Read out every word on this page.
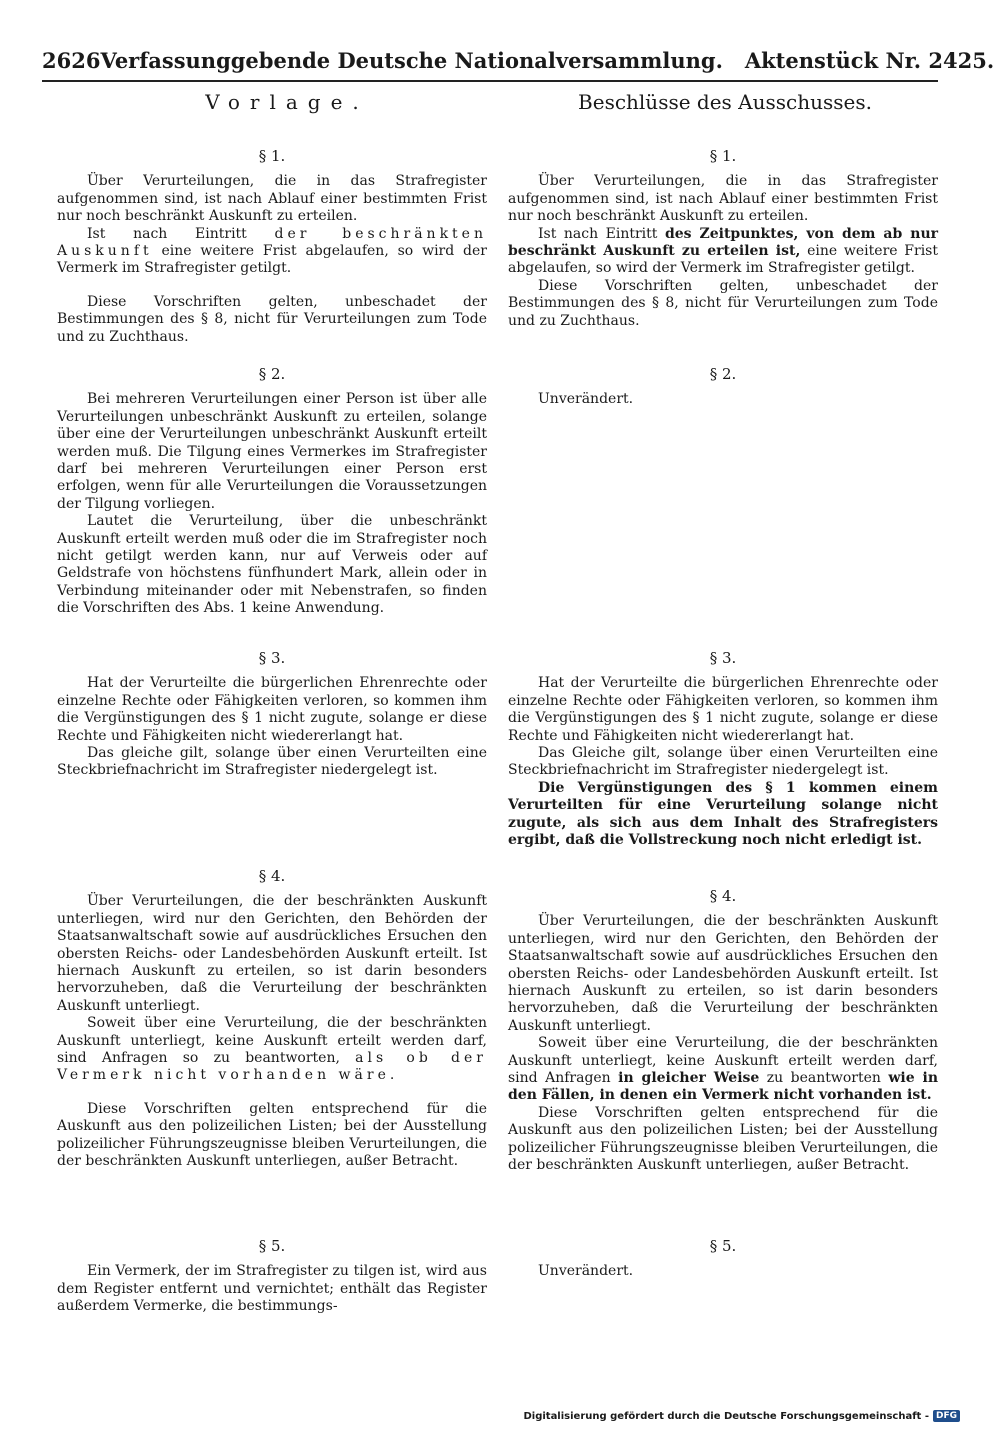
2626 Verfassunggebende Deutsche Nationalversammlung.   Aktenstück Nr. 2425.
Vorlage.	Beschlüsse des Ausschusses.
§ 1.

Über Verurteilungen, die in das Strafregister aufgenommen sind, ist nach Ablauf einer bestimmten Frist nur noch beschränkt Auskunft zu erteilen.

Ist nach Eintritt der beschränkten Auskunft eine weitere Frist abgelaufen, so wird der Vermerk im Strafregister getilgt.

Diese Vorschriften gelten, unbeschadet der Bestimmungen des § 8, nicht für Verurteilungen zum Tode und zu Zuchthaus.

§ 2.

Bei mehreren Verurteilungen einer Person ist über alle Verurteilungen unbeschränkt Auskunft zu erteilen, solange über eine der Verurteilungen unbeschränkt Auskunft erteilt werden muß. Die Tilgung eines Vermerkes im Strafregister darf bei mehreren Verurteilungen einer Person erst erfolgen, wenn für alle Verurteilungen die Voraussetzungen der Tilgung vorliegen.

Lautet die Verurteilung, über die unbeschränkt Auskunft erteilt werden muß oder die im Strafregister noch nicht getilgt werden kann, nur auf Verweis oder auf Geldstrafe von höchstens fünfhundert Mark, allein oder in Verbindung miteinander oder mit Nebenstrafen, so finden die Vorschriften des Abs. 1 keine Anwendung.

§ 3.

Hat der Verurteilte die bürgerlichen Ehrenrechte oder einzelne Rechte oder Fähigkeiten verloren, so kommen ihm die Vergünstigungen des § 1 nicht zugute, solange er diese Rechte und Fähigkeiten nicht wiedererlangt hat.

Das gleiche gilt, solange über einen Verurteilten eine Steckbriefnachricht im Strafregister niedergelegt ist.

§ 4.

Über Verurteilungen, die der beschränkten Auskunft unterliegen, wird nur den Gerichten, den Behörden der Staatsanwaltschaft sowie auf ausdrückliches Ersuchen den obersten Reichs- oder Landesbehörden Auskunft erteilt. Ist hiernach Auskunft zu erteilen, so ist darin besonders hervorzuheben, daß die Verurteilung der beschränkten Auskunft unterliegt.

Soweit über eine Verurteilung, die der beschränkten Auskunft unterliegt, keine Auskunft erteilt werden darf, sind Anfragen so zu beantworten, als ob der Vermerk nicht vorhanden wäre.

Diese Vorschriften gelten entsprechend für die Auskunft aus den polizeilichen Listen; bei der Ausstellung polizeilicher Führungszeugnisse bleiben Verurteilungen, die der beschränkten Auskunft unterliegen, außer Betracht.

§ 5.

Ein Vermerk, der im Strafregister zu tilgen ist, wird aus dem Register entfernt und vernichtet; enthält das Register außerdem Vermerke, die bestimmungs-

§ 1.

Über Verurteilungen, die in das Strafregister aufgenommen sind, ist nach Ablauf einer bestimmten Frist nur noch beschränkt Auskunft zu erteilen.

Ist nach Eintritt des Zeitpunktes, von dem ab nur beschränkt Auskunft zu erteilen ist, eine weitere Frist abgelaufen, so wird der Vermerk im Strafregister getilgt.

Diese Vorschriften gelten, unbeschadet der Bestimmungen des § 8, nicht für Verurteilungen zum Tode und zu Zuchthaus.

§ 2.

Unverändert.

§ 3.

Hat der Verurteilte die bürgerlichen Ehrenrechte oder einzelne Rechte oder Fähigkeiten verloren, so kommen ihm die Vergünstigungen des § 1 nicht zugute, solange er diese Rechte und Fähigkeiten nicht wiedererlangt hat.

Das Gleiche gilt, solange über einen Verurteilten eine Steckbriefnachricht im Strafregister niedergelegt ist.

Die Vergünstigungen des § 1 kommen einem Verurteilten für eine Verurteilung solange nicht zugute, als sich aus dem Inhalt des Strafregisters ergibt, daß die Vollstreckung noch nicht erledigt ist.

§ 4.

Über Verurteilungen, die der beschränkten Auskunft unterliegen, wird nur den Gerichten, den Behörden der Staatsanwaltschaft sowie auf ausdrückliches Ersuchen den obersten Reichs- oder Landesbehörden Auskunft erteilt. Ist hiernach Auskunft zu erteilen, so ist darin besonders hervorzuheben, daß die Verurteilung der beschränkten Auskunft unterliegt.

Soweit über eine Verurteilung, die der beschränkten Auskunft unterliegt, keine Auskunft erteilt werden darf, sind Anfragen in gleicher Weise zu beantworten wie in den Fällen, in denen ein Vermerk nicht vorhanden ist.

Diese Vorschriften gelten entsprechend für die Auskunft aus den polizeilichen Listen; bei der Ausstellung polizeilicher Führungszeugnisse bleiben Verurteilungen, die der beschränkten Auskunft unterliegen, außer Betracht.

§ 5.

Unverändert.

Digitalisierung gefördert durch die Deutsche Forschungsgemeinschaft - DFG
